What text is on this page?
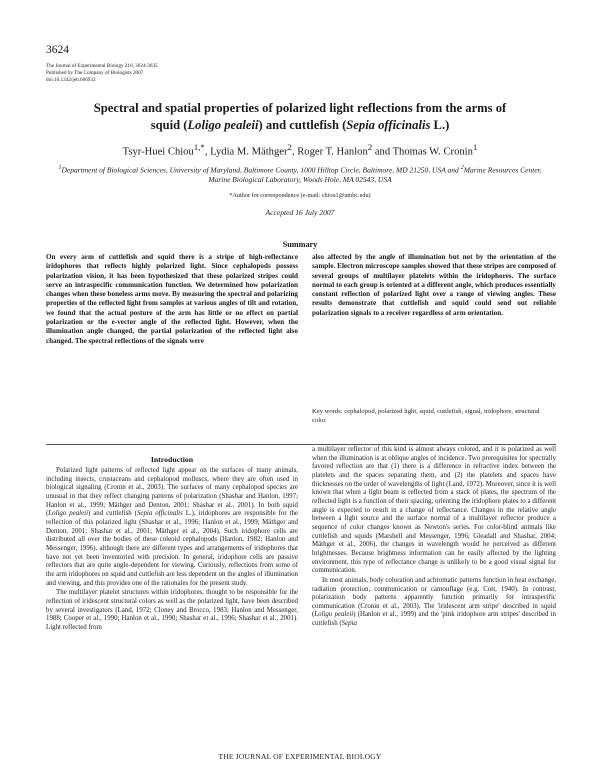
3624
The Journal of Experimental Biology 210, 3624-3635
Published by The Company of Biologists 2007
doi:10.1242/jeb.006932
Spectral and spatial properties of polarized light reflections from the arms of
squid (Loligo pealeii) and cuttlefish (Sepia officinalis L.)
Tsyr-Huei Chiou$^{1,*}$, Lydia M. Mäthger$^2$, Roger T. Hanlon$^2$ and Thomas W. Cronin$^1$
$^1$Department of Biological Sciences, University of Maryland, Baltimore County, 1000 Hilltop Circle, Baltimore, MD 21250, USA and $^2$Marine Resources Center, Marine Biological Laboratory, Woods Hole, MA 02543, USA
*Author for correspondence (e-mail: chiou1@umbc.edu)
Accepted 16 July 2007
Summary
On every arm of cuttlefish and squid there is a stripe of high-reflectance iridophores that reflects highly polarized light. Since cephalopods possess polarization vision, it has been hypothesized that these polarized stripes could serve an intraspecific communication function. We determined how polarization changes when these boneless arms move. By measuring the spectral and polarizing properties of the reflected light from samples at various angles of tilt and rotation, we found that the actual posture of the arm has little or no effect on partial polarization or the e-vector angle of the reflected light. However, when the illumination angle changed, the partial polarization of the reflected light also changed. The spectral reflections of the signals were
also affected by the angle of illumination but not by the orientation of the sample. Electron microscope samples showed that these stripes are composed of several groups of multilayer platelets within the iridophores. The surface normal to each group is oriented at a different angle, which produces essentially constant reflection of polarized light over a range of viewing angles. These results demonstrate that cuttlefish and squid could send out reliable polarization signals to a receiver regardless of arm orientation.
Key words: cephalopod, polarized light, squid, cuttlefish, signal, iridophore, structural color.
Introduction

Polarized light patterns of reflected light appear on the surfaces of many animals, including insects, crustaceans and cephalopod molluscs, where they are often used in biological signaling (Cronin et al., 2003). The surfaces of many cephalopod species are unusual in that they reflect changing patterns of polarization (Shashar and Hanlon, 1997; Hanlon et al., 1999; Mäthger and Denton, 2001; Shashar et al., 2001). In both squid (Loligo pealeii) and cuttlefish (Sepia officinalis L.), iridophores are responsible for the reflection of this polarized light (Shashar et al., 1996; Hanlon et al., 1999; Mäthger and Denton, 2001; Shashar et al., 2001; Mäthger et al., 2004). Such iridophore cells are distributed all over the bodies of these coleoid cephalopods (Hanlon, 1982; Hanlon and Messenger, 1996), although there are different types and arrangements of iridophores that have not yet been inventoried with precision. In general, iridophore cells are passive reflectors that are quite angle-dependent for viewing. Curiously, reflections from some of the arm iridophores on squid and cuttlefish are less dependent on the angles of illumination and viewing, and this provides one of the rationales for the present study.

The multilayer platelet structures within iridophores, thought to be responsible for the reflection of iridescent structural colors as well as the polarized light, have been described by several investigators (Land, 1972; Cloney and Brocco, 1983; Hanlon and Messenger, 1988; Cooper et al., 1990; Hanlon et al., 1990; Shashar et al., 1996; Shashar et al., 2001). Light reflected from

a multilayer reflector of this kind is almost always colored, and it is polarized as well when the illumination is at oblique angles of incidence. Two prerequisites for spectrally favored reflection are that (1) there is a difference in refractive index between the platelets and the spaces separating them, and (2) the platelets and spaces have thicknesses on the order of wavelengths of light (Land, 1972). Moreover, since it is well known that when a light beam is reflected from a stack of plates, the spectrum of the reflected light is a function of their spacing, orienting the iridophore plates to a different angle is expected to result in a change of reflectance. Changes in the relative angle between a light source and the surface normal of a multilayer reflector produce a sequence of color changes known as Newton's series. For color-blind animals like cuttlefish and squids (Marshell and Messenger, 1996; Gleadall and Shashar, 2004; Mäthger et al., 2006), the changes in wavelength would be perceived as different brightnesses. Because brightness information can be easily affected by the lighting environment, this type of reflectance change is unlikely to be a good visual signal for communication.

In most animals, body coloration and achromatic patterns function in heat exchange, radiation protection, communication or camouflage (e.g. Cott, 1940). In contrast, polarization body patterns apparently function primarily for intraspecific communication (Cronin et al., 2003). The 'iridescent arm stripe' described in squid (Loligo pealeii) (Hanlon et al., 1999) and the 'pink iridophore arm stripes' described in cuttlefish (Sepia

THE JOURNAL OF EXPERIMENTAL BIOLOGY
